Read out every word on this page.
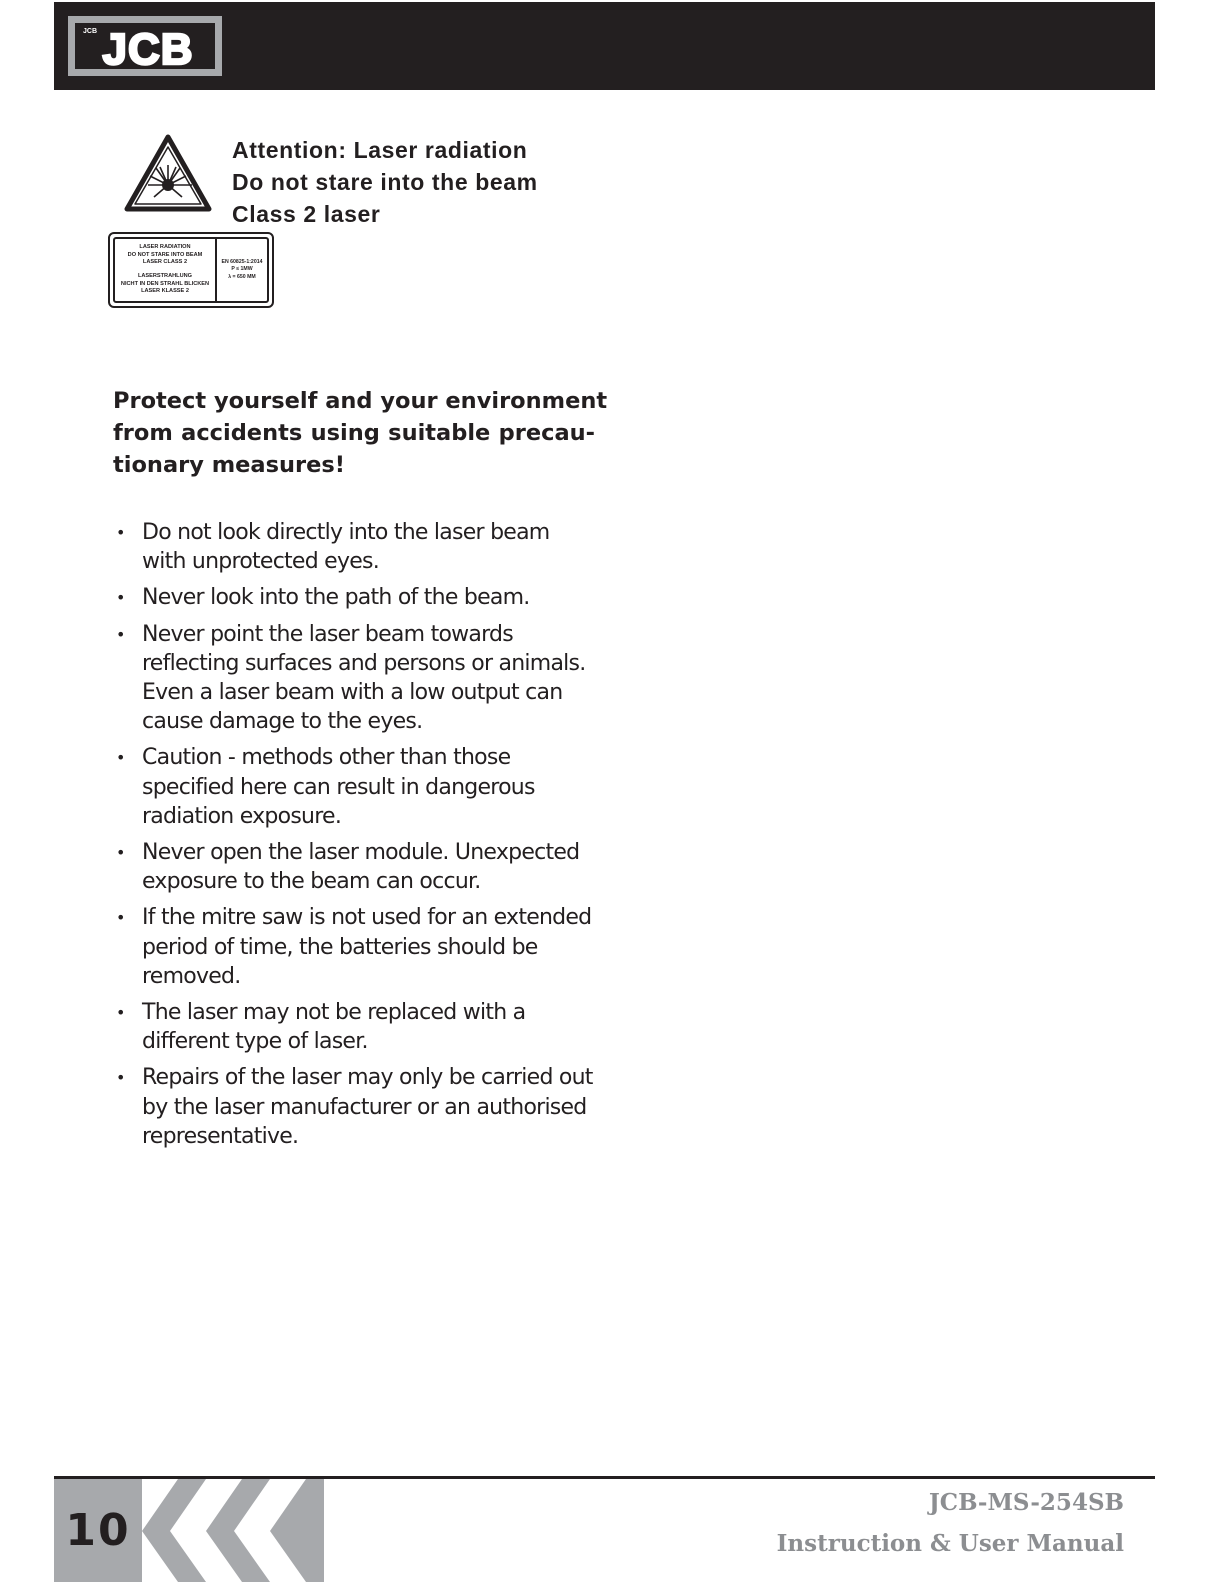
JCB JCB
Attention: Laser radiation
Do not stare into the beam
Class 2 laser
LASER RADIATION
DO NOT STARE INTO BEAM
LASER CLASS 2
LASERSTRAHLUNG
NICHT IN DEN STRAHL BLICKEN
LASER KLASSE 2
EN 60825-1:2014
P ≤ 1MW
λ = 650 MM
Protect yourself and your environment
from accidents using suitable precau-
tionary measures!
• Do not look directly into the laser beam
with unprotected eyes.
• Never look into the path of the beam.
• Never point the laser beam towards
reflecting surfaces and persons or animals.
Even a laser beam with a low output can
cause damage to the eyes.
• Caution - methods other than those
specified here can result in dangerous
radiation exposure.
• Never open the laser module. Unexpected
exposure to the beam can occur.
• If the mitre saw is not used for an extended
period of time, the batteries should be
removed.
• The laser may not be replaced with a
different type of laser.
• Repairs of the laser may only be carried out
by the laser manufacturer or an authorised
representative.
10
JCB-MS-254SB
Instruction & User Manual
